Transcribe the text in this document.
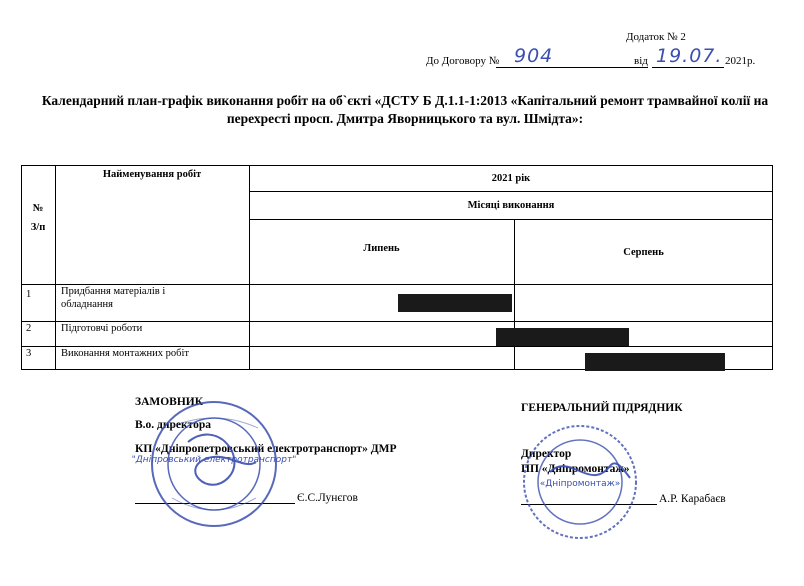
Додаток № 2
До Договору № 904	від 19.07. 2021р.
Календарний план-графік виконання робіт на об`єкті «ДСТУ Б Д.1.1-1:2013 «Капітальний ремонт трамвайної колії на перехресті просп. Дмитра Яворницького та вул. Шмідта»:
№
З/п
Найменування робіт	2021 рік
Місяці виконання
Липень	Серпень
1	Придбання матеріалів і
обладнання
2	Підготовчі роботи
3	Виконання монтажних робіт
ЗАМОВНИК
В.о. директора
КП «Дніпропетровський електротранспорт» ДМР
Є.С.Лунєгов
"Дніпровський електротранспорт"
ГЕНЕРАЛЬНИЙ ПІДРЯДНИК
Директор
ПП «Дніпромонтаж»
А.Р. Карабаєв
«Дніпромонтаж»
